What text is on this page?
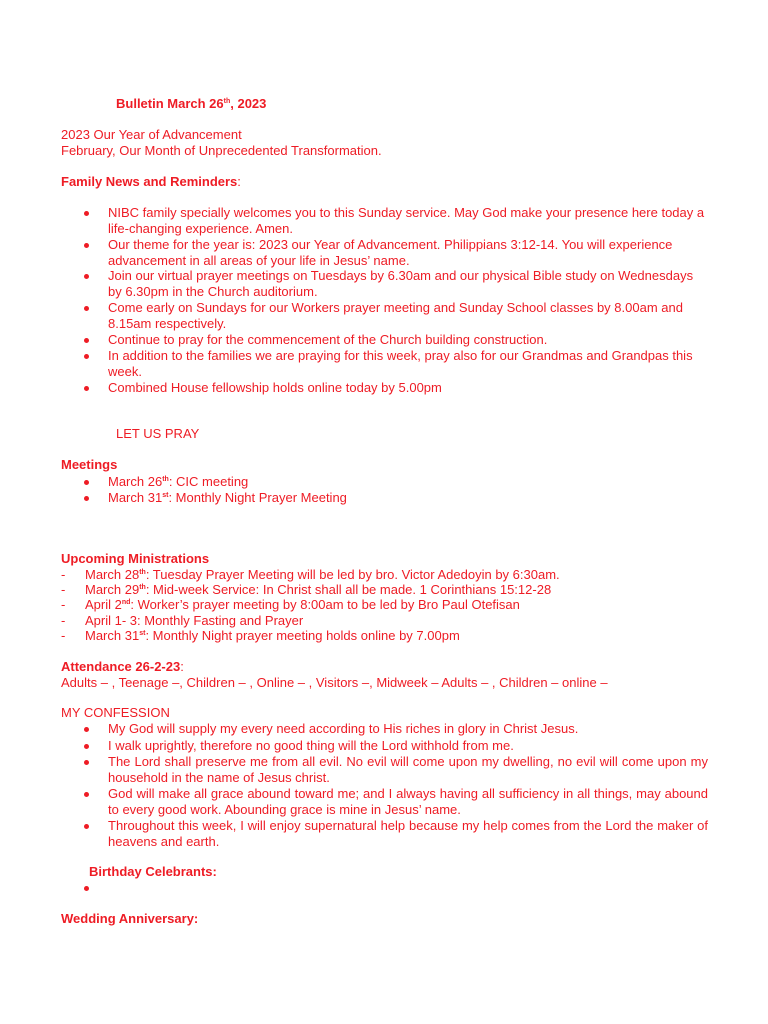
Bulletin March 26th, 2023
2023 Our Year of Advancement
February, Our Month of Unprecedented Transformation.
Family News and Reminders:
NIBC family specially welcomes you to this Sunday service. May God make your presence here today a life-changing experience. Amen.
Our theme for the year is: 2023 our Year of Advancement. Philippians 3:12-14. You will experience advancement in all areas of your life in Jesus’ name.
Join our virtual prayer meetings on Tuesdays by 6.30am and our physical Bible study on Wednesdays by 6.30pm in the Church auditorium.
Come early on Sundays for our Workers prayer meeting and Sunday School classes by 8.00am and 8.15am respectively.
Continue to pray for the commencement of the Church building construction.
In addition to the families we are praying for this week, pray also for our Grandmas and Grandpas this week.
Combined House fellowship holds online today by 5.00pm
LET US PRAY
Meetings
March 26th: CIC meeting
March 31st: Monthly Night Prayer Meeting
Upcoming Ministrations
- March 28th: Tuesday Prayer Meeting will be led by bro. Victor Adedoyin by 6:30am.
- March 29th: Mid-week Service: In Christ shall all be made. 1 Corinthians 15:12-28
- April 2nd: Worker’s prayer meeting by 8:00am to be led by Bro Paul Otefisan
- April 1- 3: Monthly Fasting and Prayer
- March 31st: Monthly Night prayer meeting holds online by 7.00pm
Attendance 26-2-23:
Adults – , Teenage –, Children – , Online – , Visitors –, Midweek – Adults – , Children – online –
MY CONFESSION
My God will supply my every need according to His riches in glory in Christ Jesus.
I walk uprightly, therefore no good thing will the Lord withhold from me.
The Lord shall preserve me from all evil. No evil will come upon my dwelling, no evil will come upon my household in the name of Jesus christ.
God will make all grace abound toward me; and I always having all sufficiency in all things, may abound to every good work. Abounding grace is mine in Jesus’ name.
Throughout this week, I will enjoy supernatural help because my help comes from the Lord the maker of heavens and earth.
Birthday Celebrants:
Wedding Anniversary:
